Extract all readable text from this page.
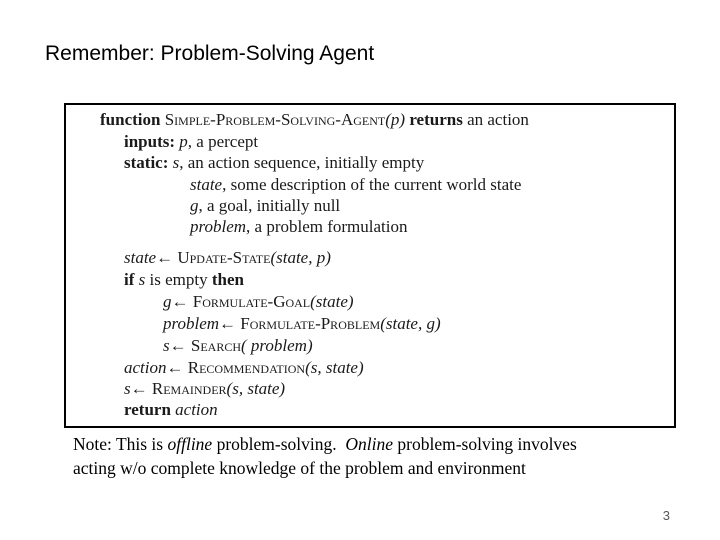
Remember: Problem-Solving Agent
function Simple-Problem-Solving-Agent(p) returns an action
inputs: p, a percept
static: s, an action sequence, initially empty
state, some description of the current world state
g, a goal, initially null
problem, a problem formulation
state← Update-State(state, p)
if s is empty then
g← Formulate-Goal(state)
problem← Formulate-Problem(state, g)
s← Search( problem)
action← Recommendation(s, state)
s← Remainder(s, state)
return action
Note: This is offline problem-solving.  Online problem-solving involves
acting w/o complete knowledge of the problem and environment
3
